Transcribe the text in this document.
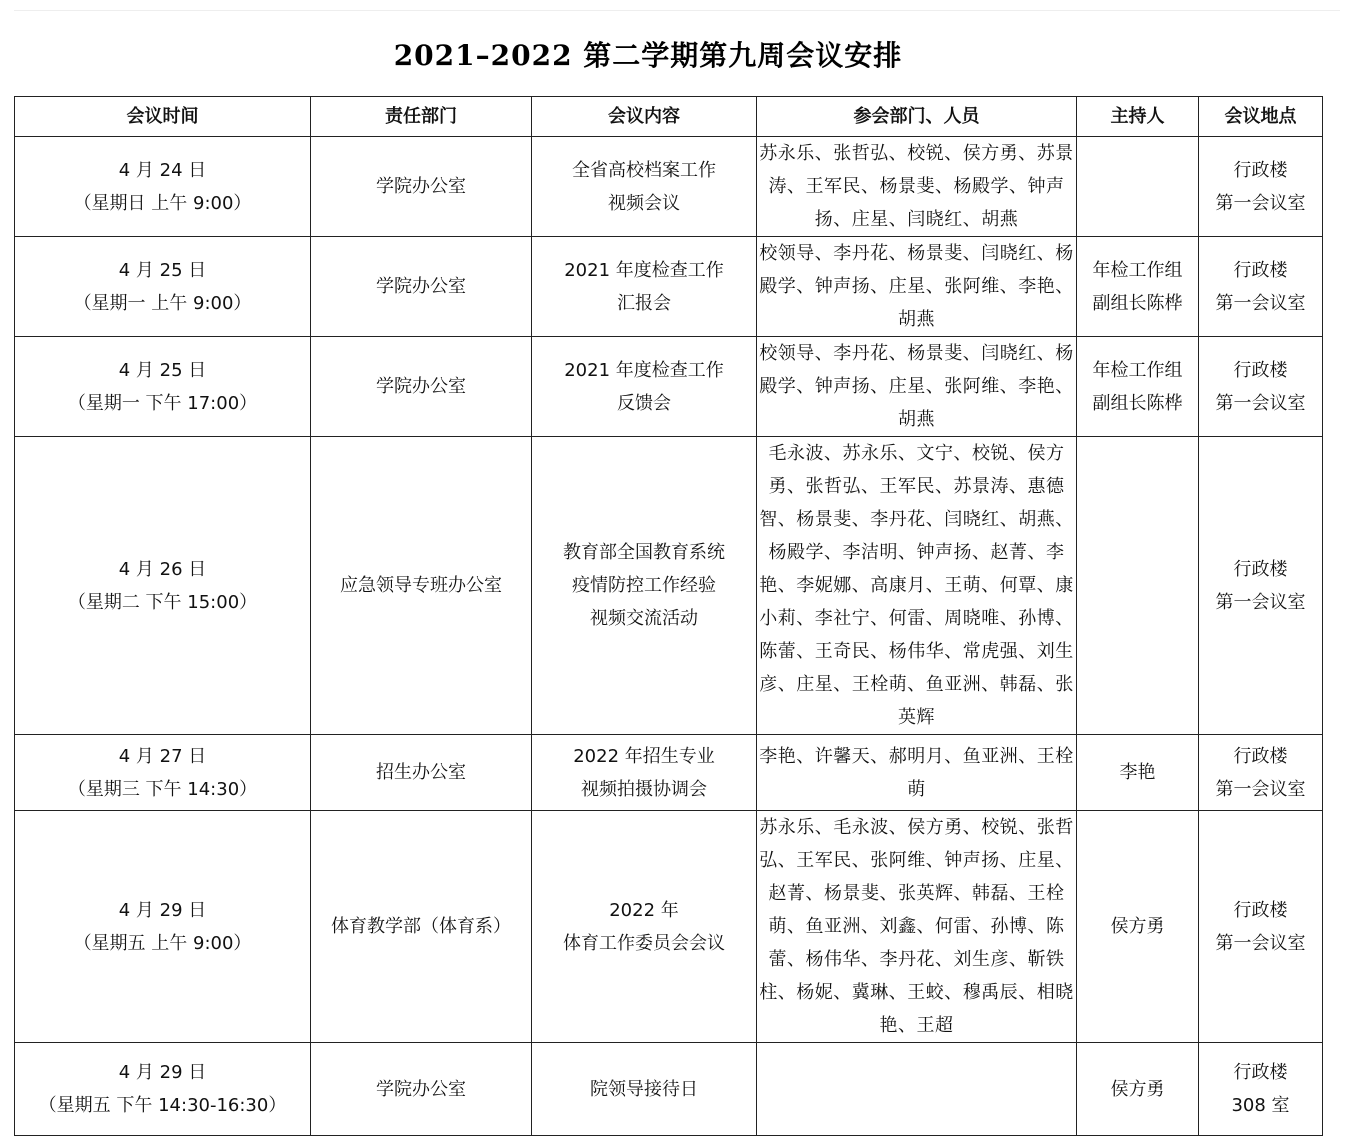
2021–2022 第二学期第九周会议安排
会议时间	责任部门	会议内容	参会部门、人员	主持人	会议地点

4 月 24 日
（星期日 上午 9:00）	学院办公室	全省高校档案工作
视频会议	苏永乐、张哲弘、校锐、侯方勇、苏景涛、王军民、杨景斐、杨殿学、钟声扬、庄星、闫晓红、胡燕		行政楼
第一会议室

4 月 25 日
（星期一 上午 9:00）	学院办公室	2021 年度检查工作
汇报会	校领导、李丹花、杨景斐、闫晓红、杨殿学、钟声扬、庄星、张阿维、李艳、胡燕	年检工作组
副组长陈桦	行政楼
第一会议室

4 月 25 日
（星期一 下午 17:00）	学院办公室	2021 年度检查工作
反馈会	校领导、李丹花、杨景斐、闫晓红、杨殿学、钟声扬、庄星、张阿维、李艳、胡燕	年检工作组
副组长陈桦	行政楼
第一会议室

4 月 26 日
（星期二 下午 15:00）	应急领导专班办公室	教育部全国教育系统
疫情防控工作经验
视频交流活动	毛永波、苏永乐、文宁、校锐、侯方勇、张哲弘、王军民、苏景涛、惠德智、杨景斐、李丹花、闫晓红、胡燕、杨殿学、李洁明、钟声扬、赵菁、李艳、李妮娜、高康月、王萌、何覃、康小莉、李社宁、何雷、周晓唯、孙博、陈蕾、王奇民、杨伟华、常虎强、刘生彦、庄星、王栓萌、鱼亚洲、韩磊、张英辉		行政楼
第一会议室

4 月 27 日
（星期三 下午 14:30）	招生办公室	2022 年招生专业
视频拍摄协调会	李艳、许馨天、郝明月、鱼亚洲、王栓萌	李艳	行政楼
第一会议室

4 月 29 日
（星期五 上午 9:00）	体育教学部（体育系）	2022 年
体育工作委员会会议	苏永乐、毛永波、侯方勇、校锐、张哲弘、王军民、张阿维、钟声扬、庄星、赵菁、杨景斐、张英辉、韩磊、王栓萌、鱼亚洲、刘鑫、何雷、孙博、陈蕾、杨伟华、李丹花、刘生彦、靳铁柱、杨妮、冀琳、王蛟、穆禹辰、相晓艳、王超	侯方勇	行政楼
第一会议室

4 月 29 日
（星期五 下午 14:30-16:30）	学院办公室	院领导接待日		侯方勇	行政楼
308 室
